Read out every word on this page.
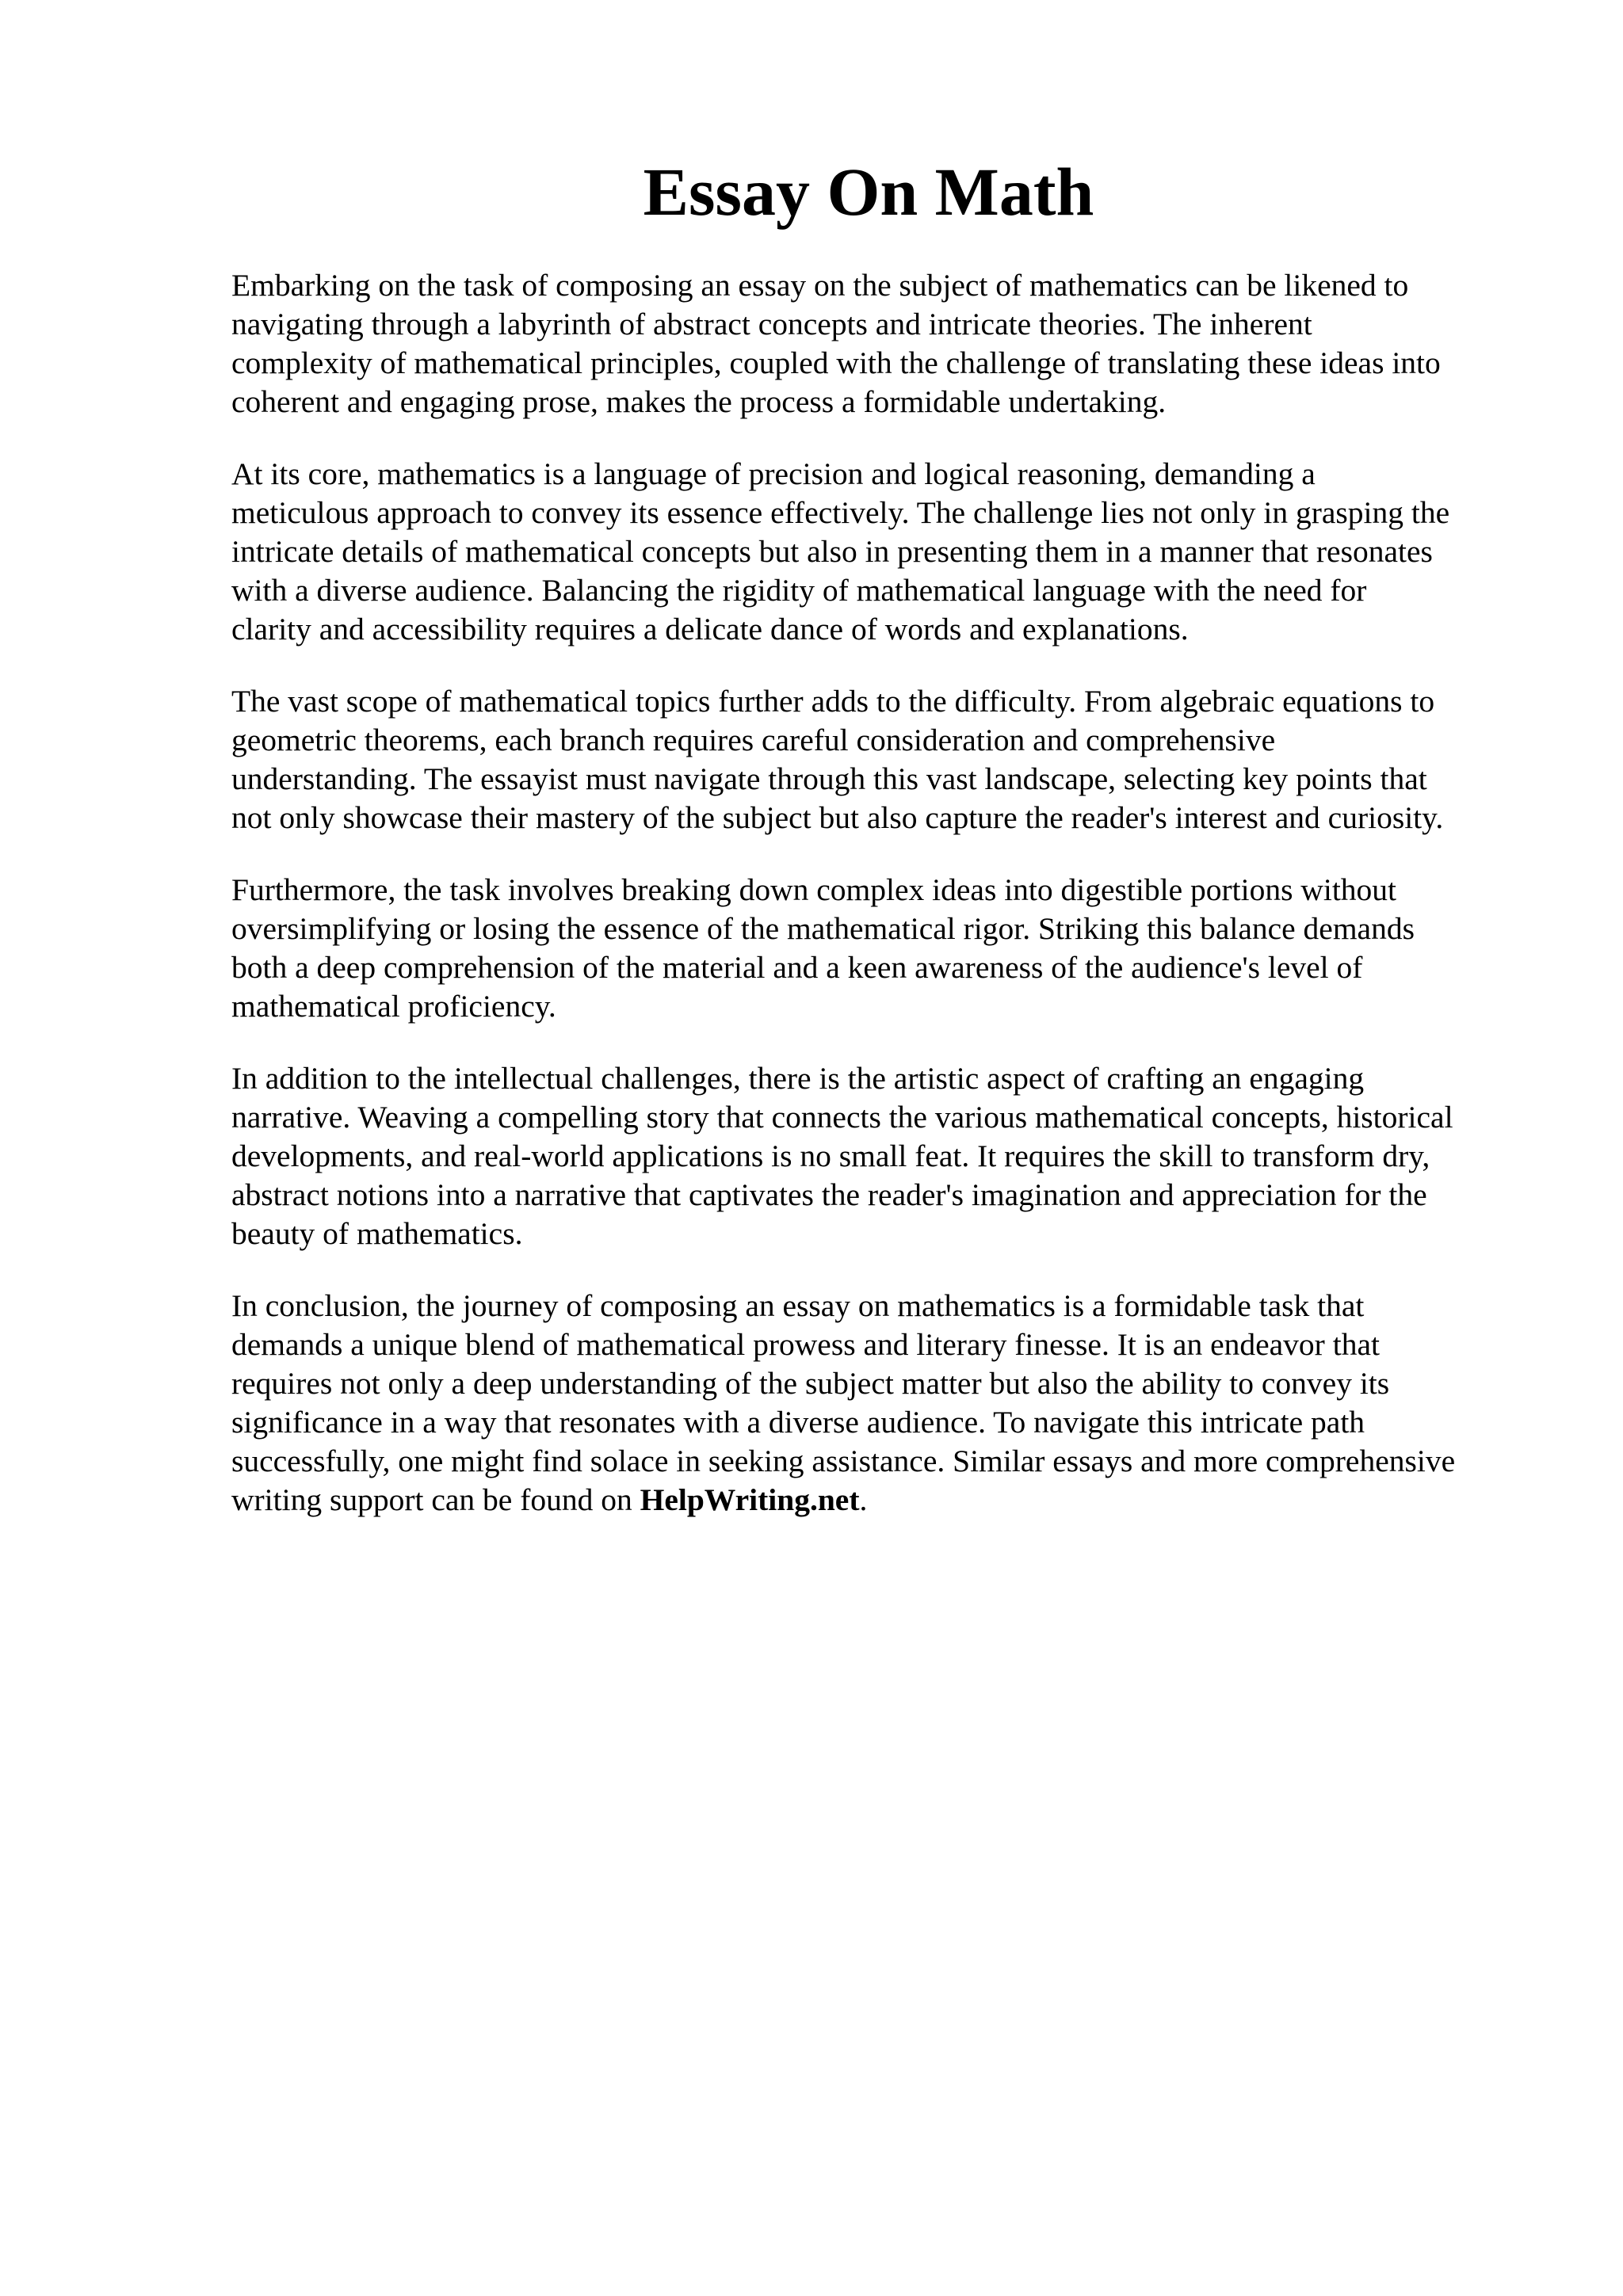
Essay On Math

Embarking on the task of composing an essay on the subject of mathematics can be likened to
navigating through a labyrinth of abstract concepts and intricate theories. The inherent
complexity of mathematical principles, coupled with the challenge of translating these ideas into
coherent and engaging prose, makes the process a formidable undertaking.

At its core, mathematics is a language of precision and logical reasoning, demanding a
meticulous approach to convey its essence effectively. The challenge lies not only in grasping the
intricate details of mathematical concepts but also in presenting them in a manner that resonates
with a diverse audience. Balancing the rigidity of mathematical language with the need for
clarity and accessibility requires a delicate dance of words and explanations.

The vast scope of mathematical topics further adds to the difficulty. From algebraic equations to
geometric theorems, each branch requires careful consideration and comprehensive
understanding. The essayist must navigate through this vast landscape, selecting key points that
not only showcase their mastery of the subject but also capture the reader's interest and curiosity.

Furthermore, the task involves breaking down complex ideas into digestible portions without
oversimplifying or losing the essence of the mathematical rigor. Striking this balance demands
both a deep comprehension of the material and a keen awareness of the audience's level of
mathematical proficiency.

In addition to the intellectual challenges, there is the artistic aspect of crafting an engaging
narrative. Weaving a compelling story that connects the various mathematical concepts, historical
developments, and real-world applications is no small feat. It requires the skill to transform dry,
abstract notions into a narrative that captivates the reader's imagination and appreciation for the
beauty of mathematics.

In conclusion, the journey of composing an essay on mathematics is a formidable task that
demands a unique blend of mathematical prowess and literary finesse. It is an endeavor that
requires not only a deep understanding of the subject matter but also the ability to convey its
significance in a way that resonates with a diverse audience. To navigate this intricate path
successfully, one might find solace in seeking assistance. Similar essays and more comprehensive
writing support can be found on HelpWriting.net.
